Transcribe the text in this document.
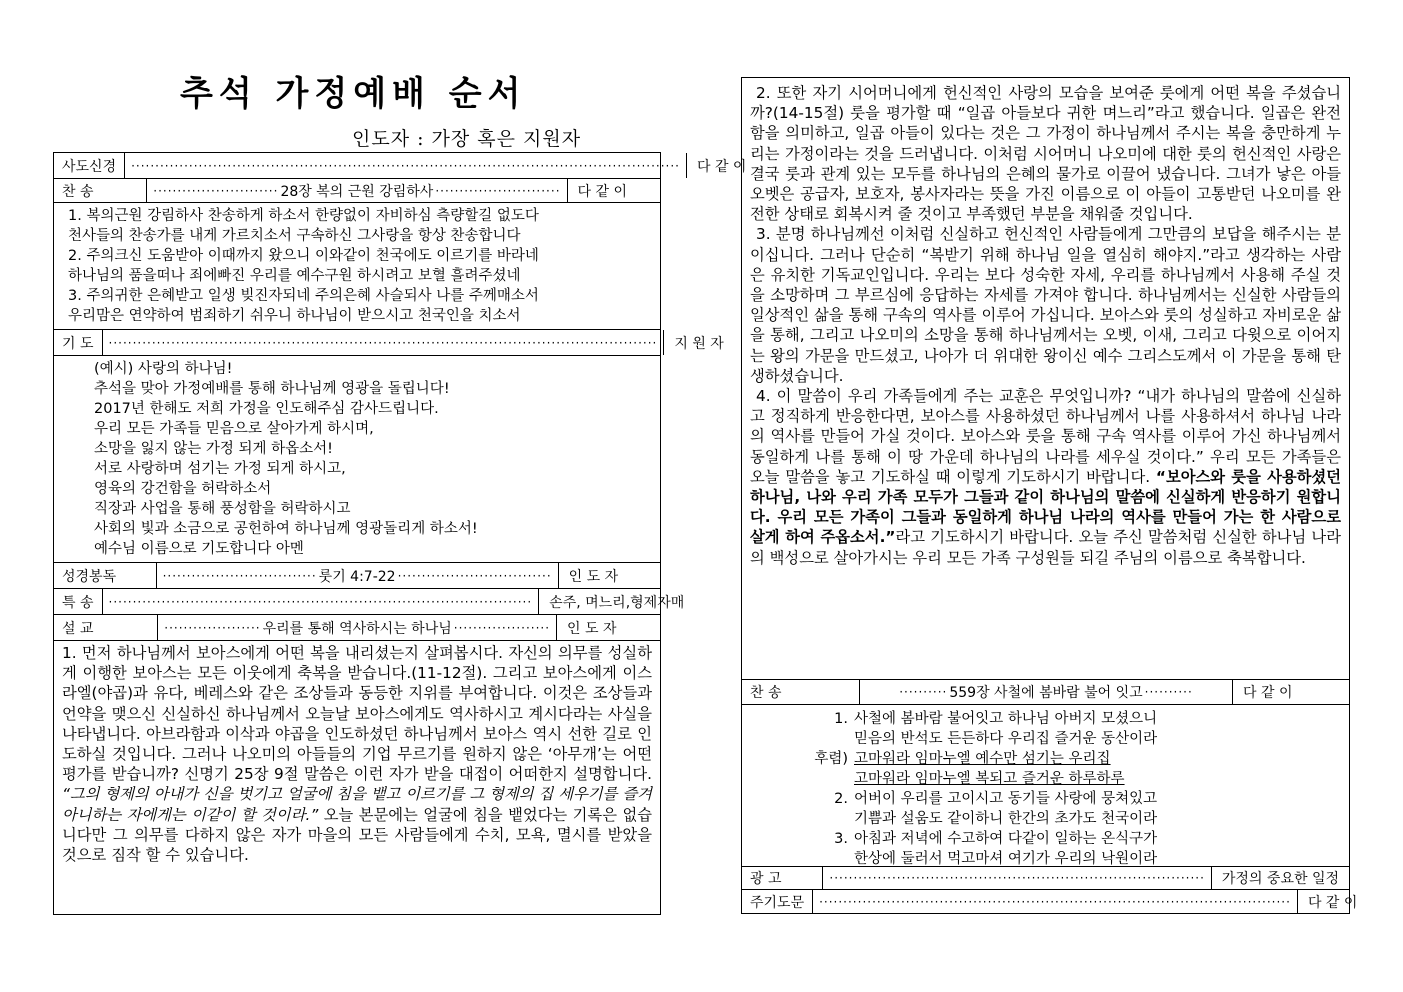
추석 가정예배 순서
인도자 : 가장 혹은 지원자
사도신경	··················································································································	다 같 이
찬 송	·························· 28장 복의 근원 강림하사 ··························	다 같 이

1. 복의근원 강림하사 찬송하게 하소서 한량없이 자비하심 측량할길 없도다

천사들의 찬송가를 내게 가르치소서 구속하신 그사랑을 항상 찬송합니다

2. 주의크신 도움받아 이때까지 왔으니 이와같이 천국에도 이르기를 바라네

하나님의 품을떠나 죄에빠진 우리를 예수구원 하시려고 보혈 흘려주셨네

3. 주의귀한 은혜받고 일생 빚진자되네 주의은혜 사슬되사 나를 주께매소서

우리맘은 연약하여 범죄하기 쉬우니 하나님이 받으시고 천국인을 치소서

기 도	··················································································································	지 원 자

(예시) 사랑의 하나님!

추석을 맞아 가정예배를 통해 하나님께 영광을 돌립니다!

2017년 한해도 저희 가정을 인도해주심 감사드립니다.

우리 모든 가족들 믿음으로 살아가게 하시며,

소망을 잃지 않는 가정 되게 하옵소서!

서로 사랑하며 섬기는 가정 되게 하시고,

영육의 강건함을 허락하소서

직장과 사업을 통해 풍성함을 허락하시고

사회의 빛과 소금으로 공헌하여 하나님께 영광돌리게 하소서!

예수님 이름으로 기도합니다 아멘

성경봉독	································ 룻기 4:7-22 ································	인 도 자
특 송	························································································	손주, 며느리,형제자매
설 교	···················· 우리를 통해 역사하시는 하나님 ····················	인 도 자
1. 먼저 하나님께서 보아스에게 어떤 복을 내리셨는지 살펴봅시다. 자신의 의무를 성실하게 이행한 보아스는 모든 이웃에게 축복을 받습니다.(11-12절). 그리고 보아스에게 이스라엘(야곱)과 유다, 베레스와 같은 조상들과 동등한 지위를 부여합니다. 이것은 조상들과 언약을 맺으신 신실하신 하나님께서 오늘날 보아스에게도 역사하시고 계시다라는 사실을 나타냅니다. 아브라함과 이삭과 야곱을 인도하셨던 하나님께서 보아스 역시 선한 길로 인도하실 것입니다. 그러나 나오미의 아들들의 기업 무르기를 원하지 않은 ‘아무개’는 어떤 평가를 받습니까? 신명기 25장 9절 말씀은 이런 자가 받을 대접이 어떠한지 설명합니다. “그의 형제의 아내가 신을 벗기고 얼굴에 침을 뱉고 이르기를 그 형제의 집 세우기를 즐겨 아니하는 자에게는 이같이 할 것이라.” 오늘 본문에는 얼굴에 침을 뱉었다는 기록은 없습니다만 그 의무를 다하지 않은 자가 마을의 모든 사람들에게 수치, 모욕, 멸시를 받았을 것으로 짐작 할 수 있습니다.

2. 또한 자기 시어머니에게 헌신적인 사랑의 모습을 보여준 룻에게 어떤 복을 주셨습니까?(14-15절) 룻을 평가할 때 “일곱 아들보다 귀한 며느리”라고 했습니다. 일곱은 완전함을 의미하고, 일곱 아들이 있다는 것은 그 가정이 하나님께서 주시는 복을 충만하게 누리는 가정이라는 것을 드러냅니다. 이처럼 시어머니 나오미에 대한 룻의 헌신적인 사랑은 결국 룻과 관계 있는 모두를 하나님의 은혜의 물가로 이끌어 냈습니다. 그녀가 낳은 아들 오벳은 공급자, 보호자, 봉사자라는 뜻을 가진 이름으로 이 아들이 고통받던 나오미를 완전한 상태로 회복시켜 줄 것이고 부족했던 부분을 채워줄 것입니다.

3. 분명 하나님께선 이처럼 신실하고 헌신적인 사람들에게 그만큼의 보답을 해주시는 분이십니다. 그러나 단순히 “복받기 위해 하나님 일을 열심히 해야지.”라고 생각하는 사람은 유치한 기독교인입니다. 우리는 보다 성숙한 자세, 우리를 하나님께서 사용해 주실 것을 소망하며 그 부르심에 응답하는 자세를 가져야 합니다. 하나님께서는 신실한 사람들의 일상적인 삶을 통해 구속의 역사를 이루어 가십니다. 보아스와 룻의 성실하고 자비로운 삶을 통해, 그리고 나오미의 소망을 통해 하나님께서는 오벳, 이새, 그리고 다윗으로 이어지는 왕의 가문을 만드셨고, 나아가 더 위대한 왕이신 예수 그리스도께서 이 가문을 통해 탄생하셨습니다.

4. 이 말씀이 우리 가족들에게 주는 교훈은 무엇입니까? “내가 하나님의 말씀에 신실하고 정직하게 반응한다면, 보아스를 사용하셨던 하나님께서 나를 사용하셔서 하나님 나라의 역사를 만들어 가실 것이다. 보아스와 룻을 통해 구속 역사를 이루어 가신 하나님께서 동일하게 나를 통해 이 땅 가운데 하나님의 나라를 세우실 것이다.” 우리 모든 가족들은 오늘 말씀을 놓고 기도하실 때 이렇게 기도하시기 바랍니다. “보아스와 룻을 사용하셨던 하나님, 나와 우리 가족 모두가 그들과 같이 하나님의 말씀에 신실하게 반응하기 원합니다. 우리 모든 가족이 그들과 동일하게 하나님 나라의 역사를 만들어 가는 한 사람으로 살게 하여 주옵소서.”라고 기도하시기 바랍니다. 오늘 주신 말씀처럼 신실한 하나님 나라의 백성으로 살아가시는 우리 모든 가족 구성원들 되길 주님의 이름으로 축복합니다.

찬 송	·········· 559장 사철에 봄바람 불어 잇고 ··········	다 같 이
1. 사철에 봄바람 불어잇고 하나님 아버지 모셨으니
믿음의 반석도 든든하다 우리집 즐거운 동산이라
후렴) 고마워라 임마누엘 예수만 섬기는 우리집
고마워라 임마누엘 복되고 즐거운 하루하루
2. 어버이 우리를 고이시고 동기들 사랑에 뭉쳐있고
기쁨과 설움도 같이하니 한간의 초가도 천국이라
3. 아침과 저녁에 수고하여 다같이 일하는 온식구가
한상에 둘러서 먹고마셔 여기가 우리의 낙원이라
광 고	··············································································	가정의 중요한 일정
주기도문	··································································································	다 같 이
